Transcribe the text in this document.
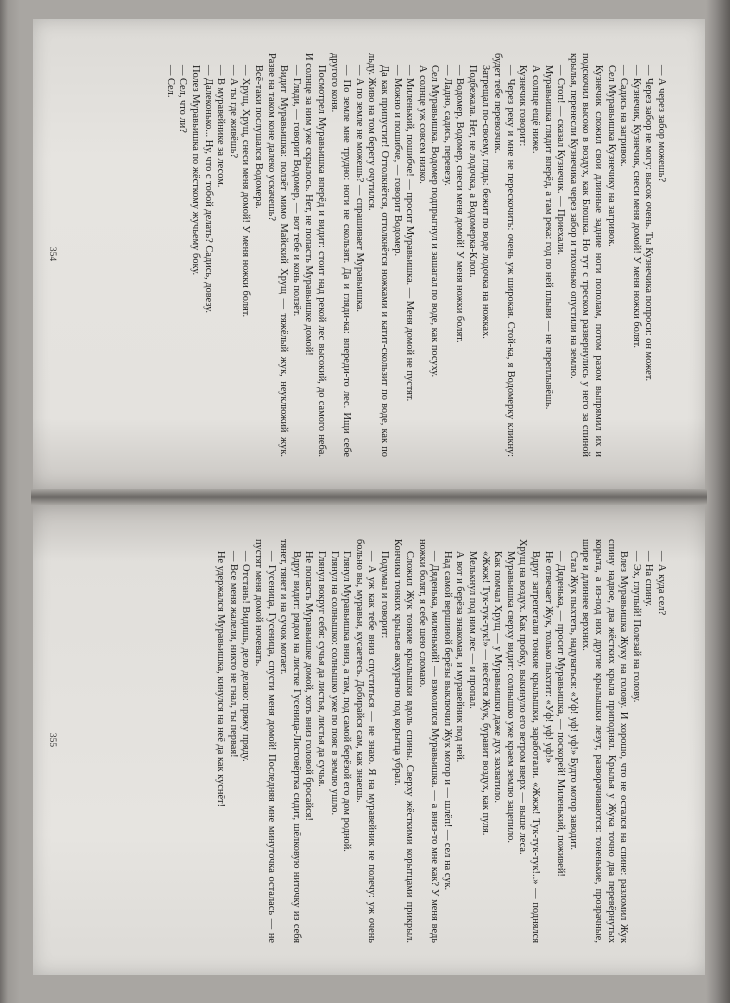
— А через забор можешь?

— Через забор не могу: высок очень. Ты Кузнечика попроси: он может.

— Кузнечик, Кузнечик, снеси меня домой! У меня ножки болят.

— Садись на загривок.

Сел Муравьишка Кузнечику на загривок.

Кузнечик сложил свои длинные задние ноги пополам, потом разом выпрямил их и подскочил высоко в воздух, как Блошка. Но тут с треском развернулись у него за спиной крылья, перенесли Кузнечика через забор и тихонько опустили на землю.

— Стоп! — сказал Кузнечик. — Приехали.

Муравьишка глядит вперёд, а там река: год по ней плыви — не переплывёшь.

А солнце ещё ниже.

Кузнечик говорит:

— Через реку и мне не перескочить: очень уж широкая. Стой-ка, я Водомерку кликну: будет тебе перевозчик.

Затрещал по-своему, глядь: бежит по воде лодочка на ножках.

Подбежала. Нет, не лодочка, а Водомерка-Клоп.

— Водомер, Водомер, снеси меня домой! У меня ножки болят.

— Ладно, садись, перевезу.

Сел Муравьишка. Водомер подпрыгнул и зашагал по воде, как посуху.

А солнце уж совсем низко.

— Миленький, пошибче! — просит Муравьишка. — Меня домой не пустят.

— Можно и пошибче, — говорит Водомер.

Да как припустит! Оттолкнётся, оттолкнётся ножками и катит-скользит по воде, как по льду. Живо на том берегу очутился.

— А по земле не можешь? — спрашивает Муравьишка.

— По земле мне трудно: ноги не скользят. Да и гляди-ка: впереди-то лес. Ищи себе другого коня.

Посмотрел Муравьишка вперёд и видит: стоит над рекой лес высокий, до самого неба. И солнце за ним уже скрылось. Нет, не попасть Муравьишке домой!

— Гляди, — говорит Водомер, — вот тебе и конь ползёт.

Видит Муравьишка: ползёт мимо Майский Хрущ — тяжёлый жук, неуклюжий жук. Разве на таком коне далеко ускачешь?

Всё-таки послушался Водомера.

— Хрущ, Хрущ, снеси меня домой! У меня ножки болят.

— А ты где живёшь?

— В муравейнике за лесом.

— Далеконько... Ну, что с тобой делать? Садись, довезу.

Полез Муравьишка по жёсткому жучьему боку.

— Сел, что ли?

— Сел.

354

— А куда сел?

— На спину.

— Эх, глупый! Полезай на голову.

Влез Муравьишка Жуку на голову. И хорошо, что не остался на спине: разломил Жук спину надвое, два жёстких крыла приподнял. Крылья у Жука точно два перевёрнутых корыта, а из-под них другие крылышки лезут, разворачиваются: тоненькие, прозрачные, шире и длиннее верхних.

Стал Жук пыхтеть, надуваться: «Уф! уф! уф!» Будто мотор заводит.

— Дяденька, — просит Муравьишка, — поскорей! Миленький, поживей!

Не отвечает Жук, только пыхтит: «Уф! уф! уф!»

Вдруг затрепетали тонкие крылышки, заработали. «Жжж! Тук-тук-тук!..» — поднялся Хрущ на воздух. Как пробку, выкинуло его ветром вверх — выше леса.

Муравьишка сверху видит: солнышко уже краем землю зацепило.

Как помчал Хрущ — у Муравьишки даже дух захватило.

«Жжж! Тук-тук-тук!» — несётся Жук, буравит воздух, как пуля.

Мелькнул под ним лес — и пропал.

А вот и берёза знакомая, и муравейник под ней.

Над самой вершиной берёзы выключил Жук мотор и — шлёп! — сел на сук.

— Дяденька, миленький! — взмолился Муравьишка. — а вниз-то мне как? У меня ведь ножки болят, я себе шею сломаю.

Сложил Жук тонкие крылышки вдоль спины. Сверху жёсткими корытцами прикрыл. Кончики тонких крыльев аккуратно под корытца убрал.

Подумал и говорит:

— А уж как тебе вниз спуститься — не знаю. Я на муравейник не полечу: уж очень больно вы, муравьи, кусаетесь. Добирайся сам, как знаешь.

Глянул Муравьишка вниз, а там, под самой берёзой его дом родной.

Глянул на солнышко: солнышко уже по пояс в землю ушло.

Глянул вокруг себя: сучья да листья, листья да сучья.

Не попасть Муравьишке домой, хоть вниз головой бросайся!

Вдруг видит: рядом на листке Гусеница-Листовёртка сидит, шёлковую ниточку из себя тянет, тянет и на сучок мотает.

— Гусеница, Гусеница, спусти меня домой! Последняя мне минуточка осталась — не пустят меня домой ночевать.

— Отстань! Видишь, дело делаю: пряжу пряду.

— Все меня жалели, никто не гнал, ты первая!

Не удержался Муравьишка, кинулся на неё да как куснёт!

355
